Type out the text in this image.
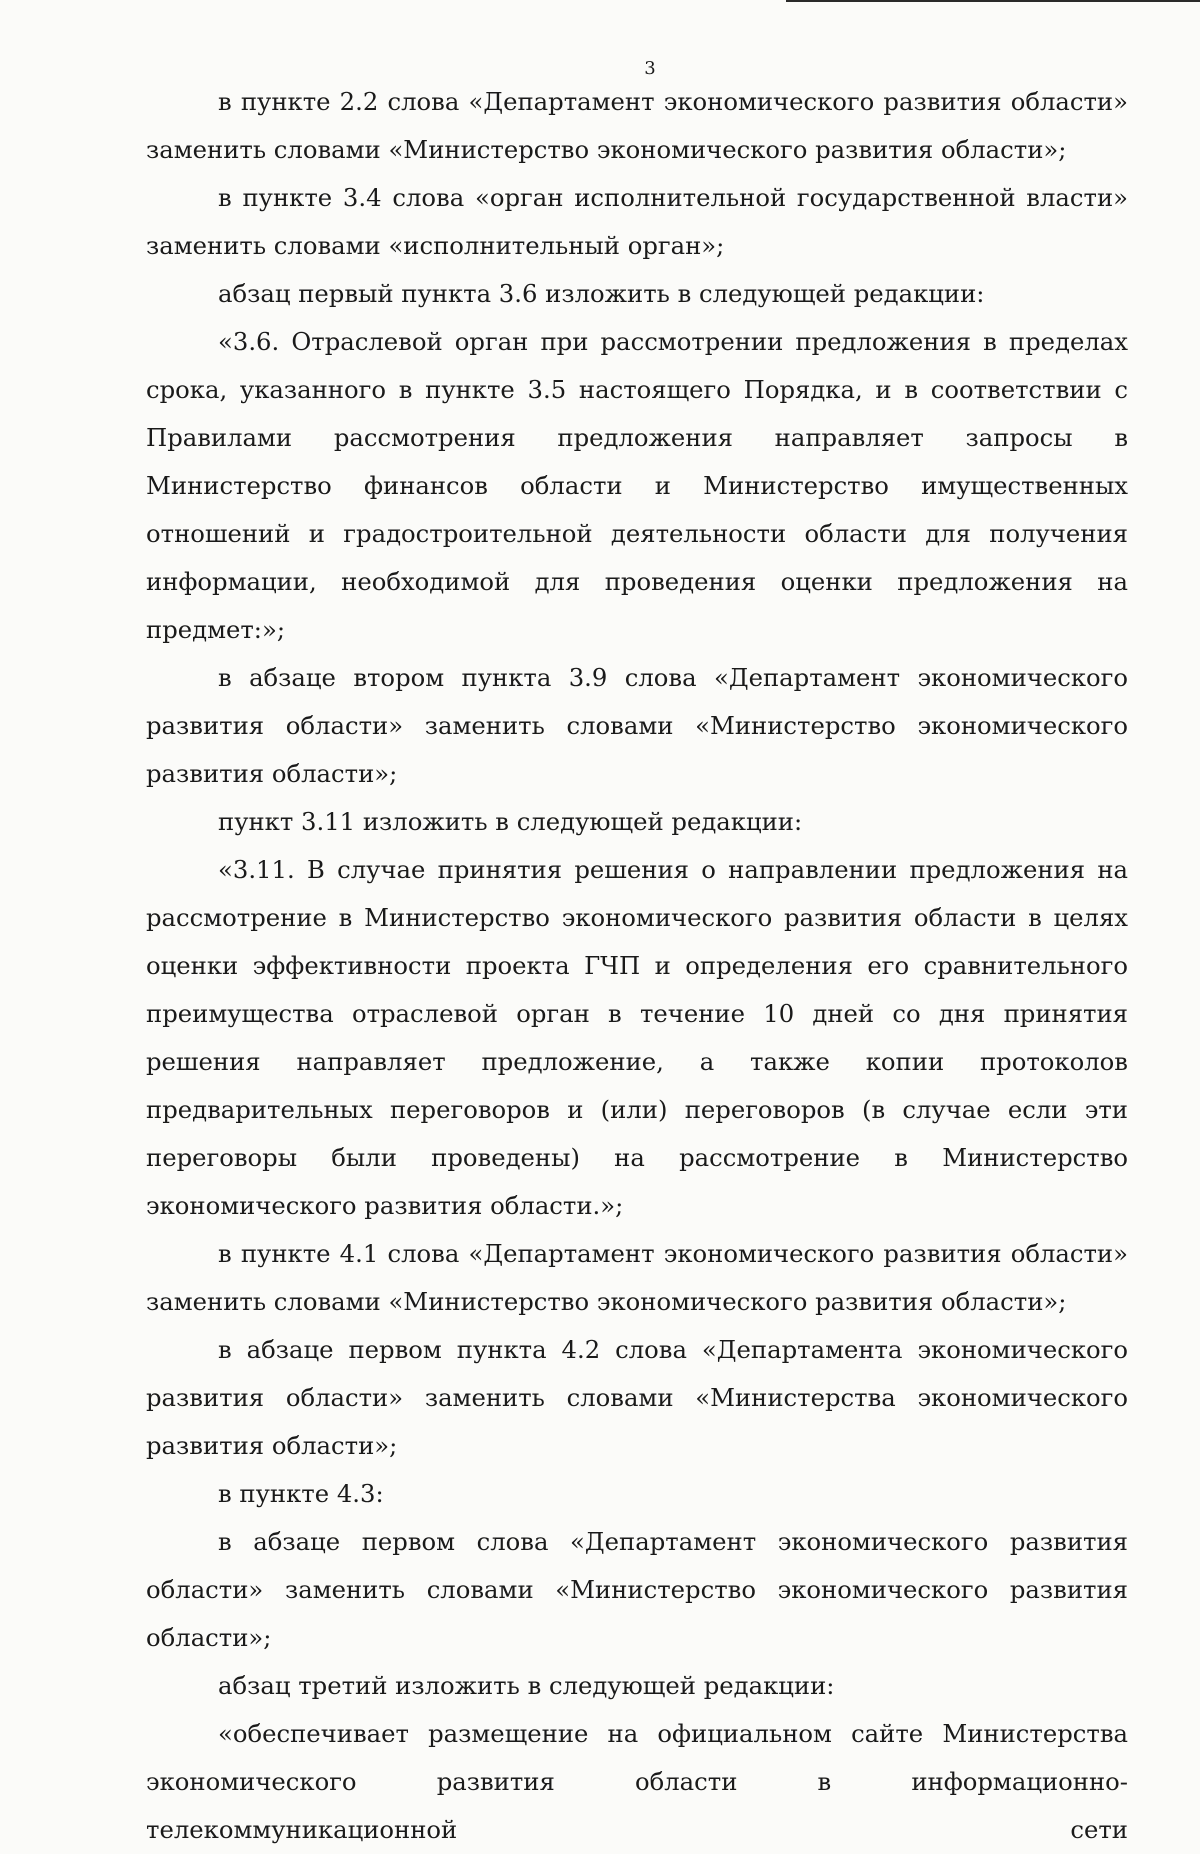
3

в пункте 2.2 слова «Департамент экономического развития области» заменить словами «Министерство экономического развития области»;

в пункте 3.4 слова «орган исполнительной государственной власти» заменить словами «исполнительный орган»;

абзац первый пункта 3.6 изложить в следующей редакции:

«3.6. Отраслевой орган при рассмотрении предложения в пределах срока, указанного в пункте 3.5 настоящего Порядка, и в соответствии с Правилами рассмотрения предложения направляет запросы в Министерство финансов области и Министерство имущественных отношений и градостроительной деятельности области для получения информации, необходимой для проведения оценки предложения на предмет:»;

в абзаце втором пункта 3.9 слова «Департамент экономического развития области» заменить словами «Министерство экономического развития области»;

пункт 3.11 изложить в следующей редакции:

«3.11. В случае принятия решения о направлении предложения на рассмотрение в Министерство экономического развития области в целях оценки эффективности проекта ГЧП и определения его сравнительного преимущества отраслевой орган в течение 10 дней со дня принятия решения направляет предложение, а также копии протоколов предварительных переговоров и (или) переговоров (в случае если эти переговоры были проведены) на рассмотрение в Министерство экономического развития области.»;

в пункте 4.1 слова «Департамент экономического развития области» заменить словами «Министерство экономического развития области»;

в абзаце первом пункта 4.2 слова «Департамента экономического развития области» заменить словами «Министерства экономического развития области»;

в пункте 4.3:

в абзаце первом слова «Департамент экономического развития области» заменить словами «Министерство экономического развития области»;

абзац третий изложить в следующей редакции:

«обеспечивает размещение на официальном сайте Министерства экономического развития области в информационно-телекоммуникационной сети
